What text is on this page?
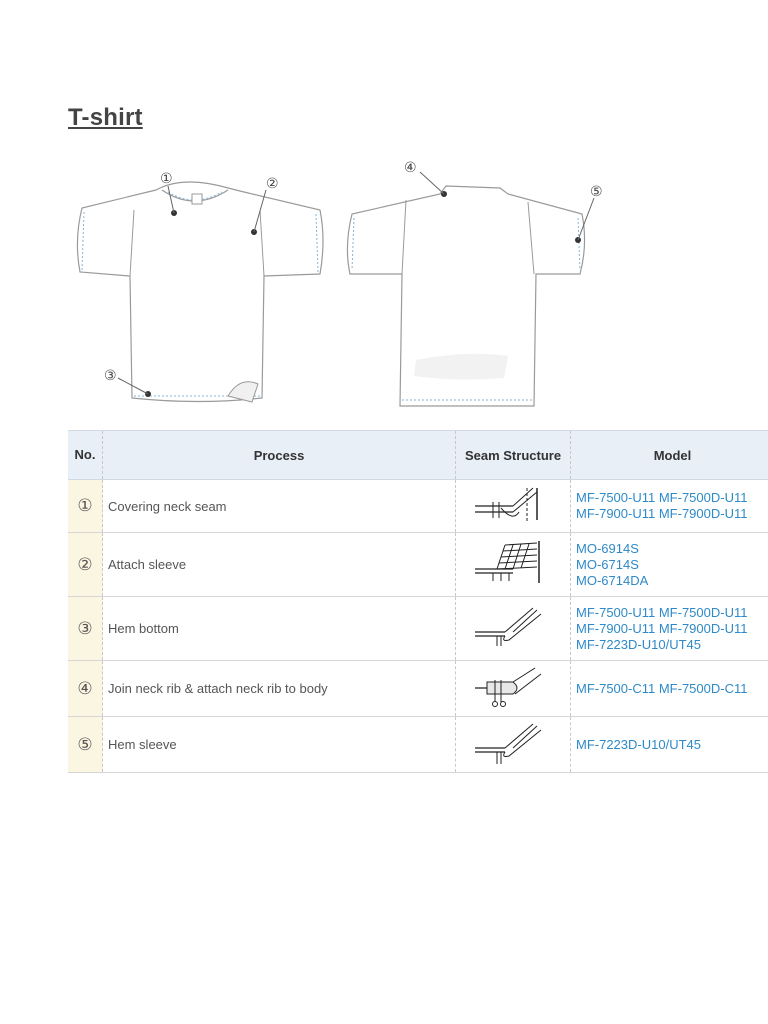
T-shirt
①	②
③
④
⑤
No.	Process	Seam Structure	Model
①	Covering neck seam		MF-7500-U11 MF-7500D-U11
MF-7900-U11 MF-7900D-U11

②	Attach sleeve		MO-6914S
MO-6714S
MO-6714DA

③	Hem bottom		MF-7500-U11 MF-7500D-U11
MF-7900-U11 MF-7900D-U11
MF-7223D-U10/UT45

④	Join neck rib & attach neck rib to body		MF-7500-C11 MF-7500D-C11

⑤	Hem sleeve		MF-7223D-U10/UT45
